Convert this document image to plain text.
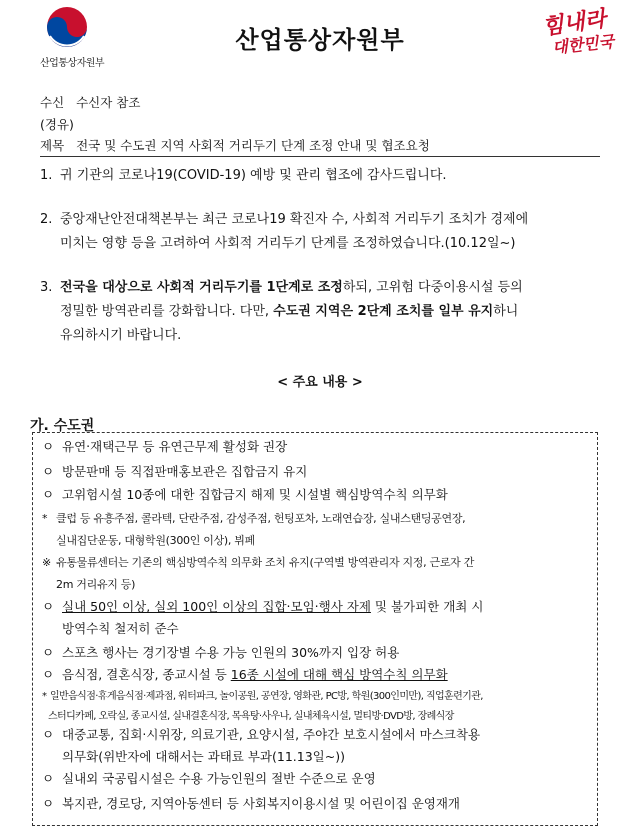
산업통상자원부
산업통상자원부	힘내라
대한민국
수신 수신자 참조
(경유)
제목 전국 및 수도권 지역 사회적 거리두기 단계 조정 안내 및 협조요청
1. 귀 기관의 코로나19(COVID-19) 예방 및 관리 협조에 감사드립니다.
2. 중앙재난안전대책본부는 최근 코로나19 확진자 수, 사회적 거리두기 조치가 경제에
미치는 영향 등을 고려하여 사회적 거리두기 단계를 조정하였습니다.(10.12일~)
3. 전국을 대상으로 사회적 거리두기를 1단계로 조정하되, 고위험 다중이용시설 등의
정밀한 방역관리를 강화합니다. 다만, 수도권 지역은 2단계 조치를 일부 유지하니
유의하시기 바랍니다.
< 주요 내용 >
가. 수도권
ㅇ 유연‧재택근무 등 유연근무제 활성화 권장
ㅇ 방문판매 등 직접판매홍보관은 집합금지 유지
ㅇ 고위험시설 10종에 대한 집합금지 해제 및 시설별 핵심방역수칙 의무화
* 클럽 등 유흥주점, 콜라텍, 단란주점, 감성주점, 헌팅포차, 노래연습장, 실내스탠딩공연장,
실내집단운동, 대형학원(300인 이상), 뷔페
※ 유통물류센터는 기존의 핵심방역수칙 의무화 조치 유지(구역별 방역관리자 지정, 근로자 간
2m 거리유지 등)
ㅇ 실내 50인 이상, 실외 100인 이상의 집합‧모임‧행사 자제 및 불가피한 개최 시
방역수칙 철저히 준수
ㅇ 스포츠 행사는 경기장별 수용 가능 인원의 30%까지 입장 허용
ㅇ 음식점, 결혼식장, 종교시설 등 16종 시설에 대해 핵심 방역수칙 의무화
* 일반음식점‧휴게음식점‧제과점, 워터파크, 놀이공원, 공연장, 영화관, PC방, 학원(300인미만), 직업훈련기관,
스터디카페, 오락실, 종교시설, 실내결혼식장, 목욕탕‧사우나, 실내체육시설, 멀티방‧DVD방, 장례식장
ㅇ 대중교통, 집회‧시위장, 의료기관, 요양시설, 주야간 보호시설에서 마스크착용
의무화(위반자에 대해서는 과태료 부과(11.13일~))
ㅇ 실내외 국공립시설은 수용 가능인원의 절반 수준으로 운영
ㅇ 복지관, 경로당, 지역아동센터 등 사회복지이용시설 및 어린이집 운영재개
